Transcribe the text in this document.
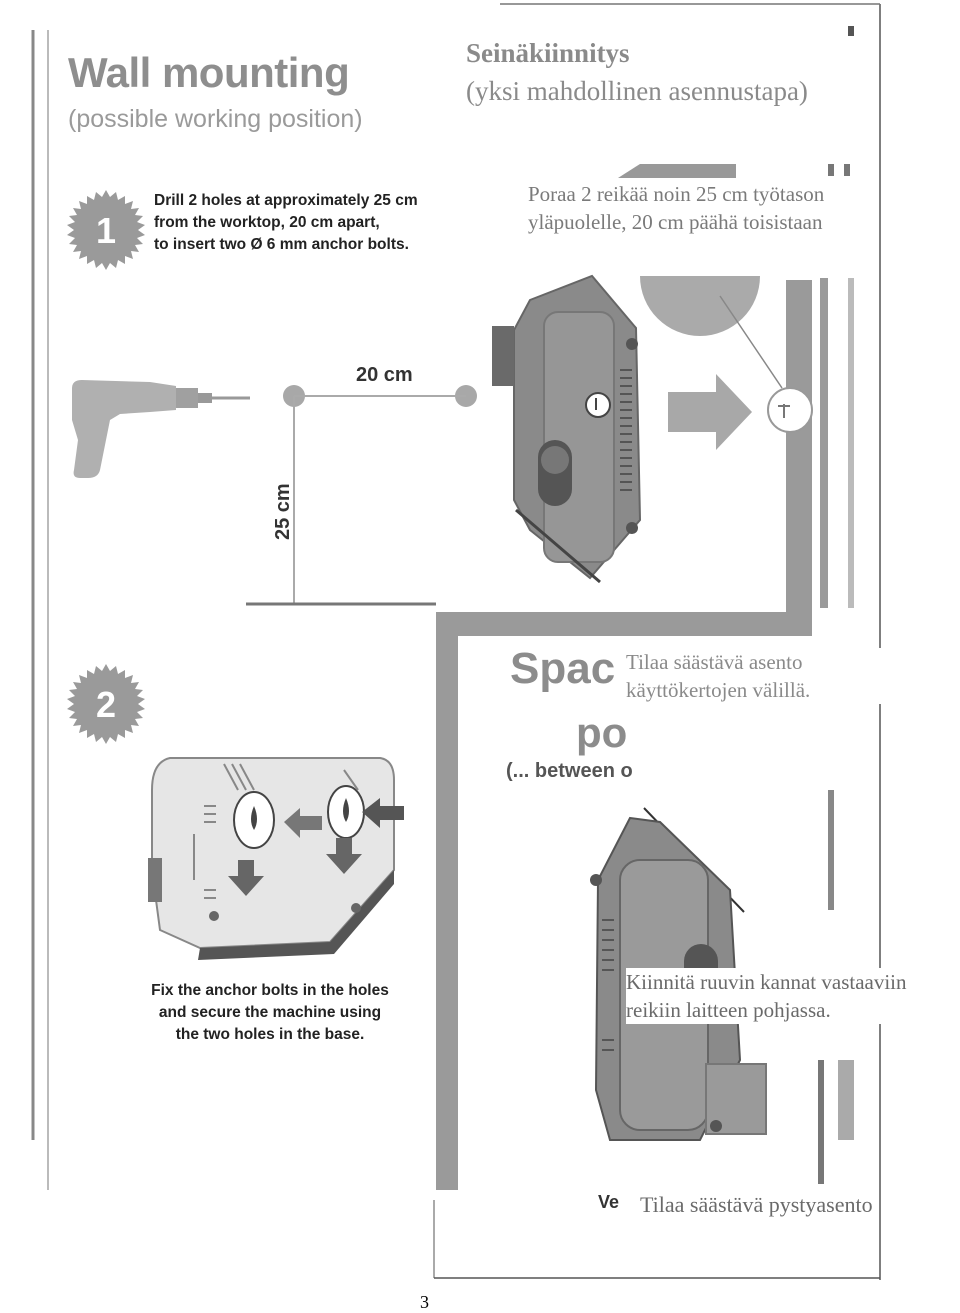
Wall mounting
(possible working position)
Seinäkiinnitys
(yksi mahdollinen asennustapa)
1
Drill 2 holes at approximately 25 cm
from the worktop, 20 cm apart,
to insert two Ø 6 mm anchor bolts.
Poraa 2 reikää noin 25 cm työtason
yläpuolelle, 20 cm päähä toisistaan
20 cm
25 cm
Spac
po
(... between o
Tilaa säästävä asento
käyttökertojen välillä.
2
Fix the anchor bolts in the holes
and secure the machine using
the two holes in the base.
Kiinnitä ruuvin kannat vastaaviin
reikiin laitteen pohjassa.
Ve Tilaa säästävä pystyasento
3
